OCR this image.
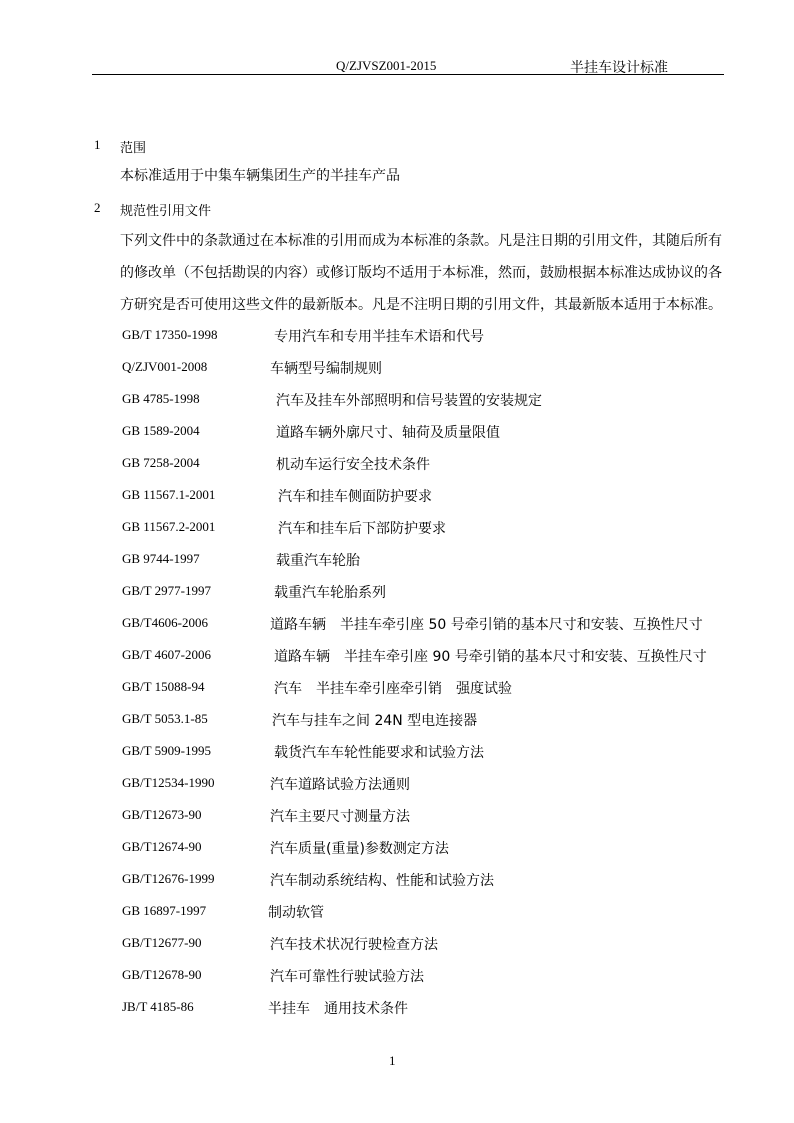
Q/ZJVSZ001-2015	半挂车设计标准
1 范围
本标准适用于中集车辆集团生产的半挂车产品
2 规范性引用文件
下列文件中的条款通过在本标准的引用而成为本标准的条款。凡是注日期的引用文件，其随后所有
的修改单（不包括勘误的内容）或修订版均不适用于本标准，然而，鼓励根据本标准达成协议的各
方研究是否可使用这些文件的最新版本。凡是不注明日期的引用文件，其最新版本适用于本标准。
GB/T 17350-1998	专用汽车和专用半挂车术语和代号
Q/ZJV001-2008	车辆型号编制规则
GB 4785-1998	汽车及挂车外部照明和信号装置的安装规定
GB 1589-2004	道路车辆外廓尺寸、轴荷及质量限值
GB 7258-2004	机动车运行安全技术条件
GB 11567.1-2001	汽车和挂车侧面防护要求
GB 11567.2-2001	汽车和挂车后下部防护要求
GB 9744-1997	载重汽车轮胎
GB/T 2977-1997	载重汽车轮胎系列
GB/T4606-2006	道路车辆　半挂车牵引座 50 号牵引销的基本尺寸和安装、互换性尺寸
GB/T 4607-2006	道路车辆　半挂车牵引座 90 号牵引销的基本尺寸和安装、互换性尺寸
GB/T 15088-94	汽车　半挂车牵引座牵引销　强度试验
GB/T 5053.1-85	汽车与挂车之间 24N 型电连接器
GB/T 5909-1995	载货汽车车轮性能要求和试验方法
GB/T12534-1990	汽车道路试验方法通则
GB/T12673-90	汽车主要尺寸测量方法
GB/T12674-90	汽车质量(重量)参数测定方法
GB/T12676-1999	汽车制动系统结构、性能和试验方法
GB 16897-1997	制动软管
GB/T12677-90	汽车技术状况行驶检查方法
GB/T12678-90	汽车可靠性行驶试验方法
JB/T 4185-86	半挂车　通用技术条件
1
